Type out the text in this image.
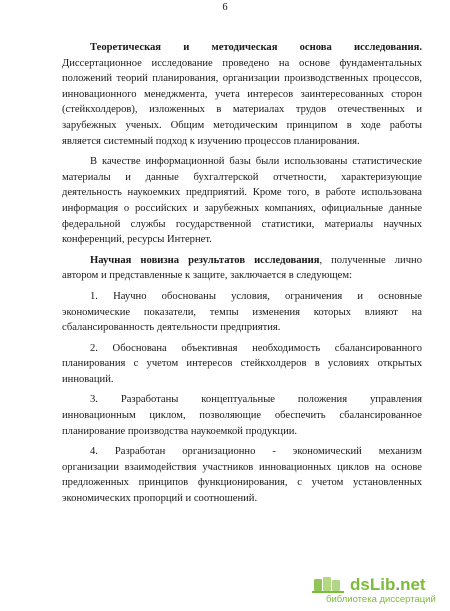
6
Теоретическая и методическая основа исследования.
Диссертационное исследование проведено на основе фундаментальных
положений теорий планирования, организации производственных процессов,
инновационного менеджмента, учета интересов заинтересованных сторон
(стейкхолдеров), изложенных в материалах трудов отечественных и
зарубежных ученых. Общим методическим принципом в ходе работы
является системный подход к изучению процессов планирования.
В качестве информационной базы были использованы статистические
материалы и данные бухгалтерской отчетности, характеризующие
деятельность наукоемких предприятий. Кроме того, в работе использована
информация о российских и зарубежных компаниях, официальные данные
федеральной службы государственной статистики, материалы научных
конференций, ресурсы Интернет.
Научная новизна результатов исследования, полученные лично
автором и представленные к защите, заключается в следующем:
1. Научно обоснованы условия, ограничения и основные
экономические показатели, темпы изменения которых влияют на
сбалансированность деятельности предприятия.
2. Обоснована объективная необходимость сбалансированного
планирования с учетом интересов стейкхолдеров в условиях открытых
инноваций.
3. Разработаны концептуальные положения управления
инновационным циклом, позволяющие обеспечить сбалансированное
планирование производства наукоемкой продукции.
4. Разработан организационно - экономический механизм
организации взаимодействия участников инновационных циклов на основе
предложенных принципов функционирования, с учетом установленных
экономических пропорций и соотношений.
dsLib.net
библиотека диссертаций
